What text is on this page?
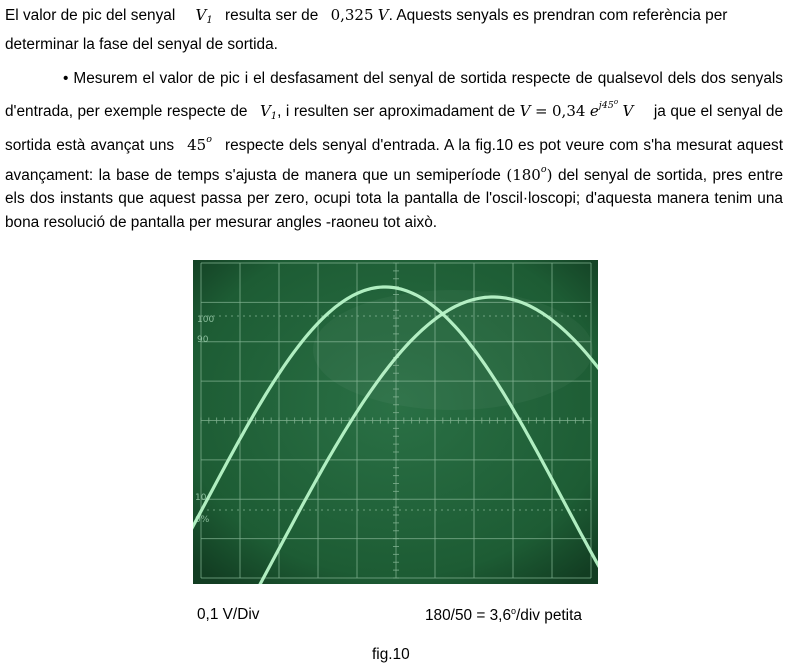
El valor de pic del senyal $V_1$ resulta ser de 0,325 V. Aquests senyals es prendran com referència per determinar la fase del senyal de sortida.
• Mesurem el valor de pic i el desfasament del senyal de sortida respecte de qualsevol dels dos senyals d'entrada, per exemple respecte de $V_1$, i resulten ser aproximadament de V = 0,34 $e^{j45^o}$ V ja que el senyal de sortida està avançat uns 45$^o$ respecte dels senyal d'entrada. A la fig.10 es pot veure com s'ha mesurat aquest avançament: la base de temps s'ajusta de manera que un semiperíode (180$^o$) del senyal de sortida, pres entre els dos instants que aquest passa per zero, ocupi tota la pantalla de l'oscil·loscopi; d'aquesta manera tenim una bona resolució de pantalla per mesurar angles -raoneu tot això.
100
90
10
0%
0,1 V/Div	$180/50 = 3,6^o$/div petita
fig.10
